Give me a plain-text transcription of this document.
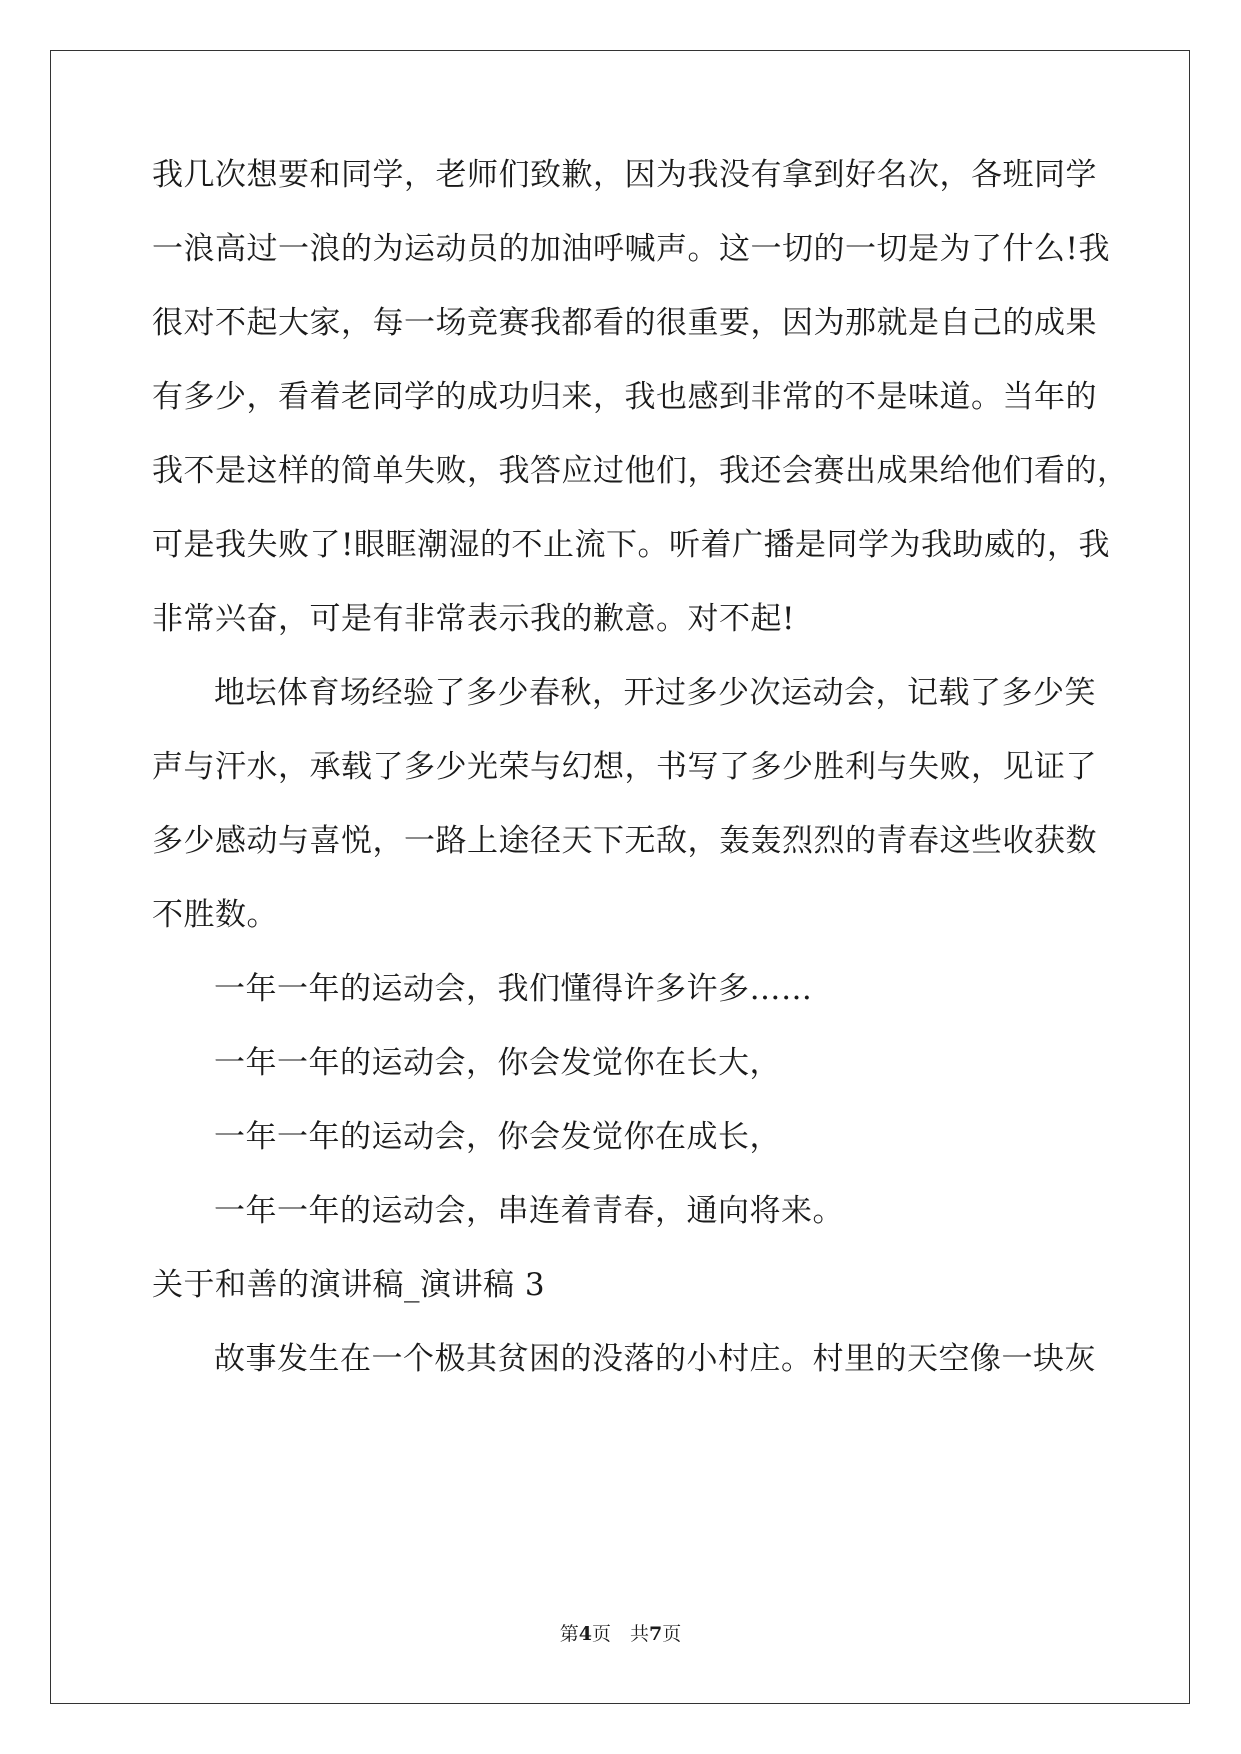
我几次想要和同学，老师们致歉，因为我没有拿到好名次，各班同学
一浪高过一浪的为运动员的加油呼喊声。这一切的一切是为了什么!我
很对不起大家，每一场竞赛我都看的很重要，因为那就是自己的成果
有多少，看着老同学的成功归来，我也感到非常的不是味道。当年的
我不是这样的简单失败，我答应过他们，我还会赛出成果给他们看的，
可是我失败了!眼眶潮湿的不止流下。听着广播是同学为我助威的，我
非常兴奋，可是有非常表示我的歉意。对不起!
地坛体育场经验了多少春秋，开过多少次运动会，记载了多少笑
声与汗水，承载了多少光荣与幻想，书写了多少胜利与失败，见证了
多少感动与喜悦，一路上途径天下无敌，轰轰烈烈的青春这些收获数
不胜数。
一年一年的运动会，我们懂得许多许多……
一年一年的运动会，你会发觉你在长大，
一年一年的运动会，你会发觉你在成长，
一年一年的运动会，串连着青春，通向将来。
关于和善的演讲稿_演讲稿 3
故事发生在一个极其贫困的没落的小村庄。村里的天空像一块灰
第4页　共7页
